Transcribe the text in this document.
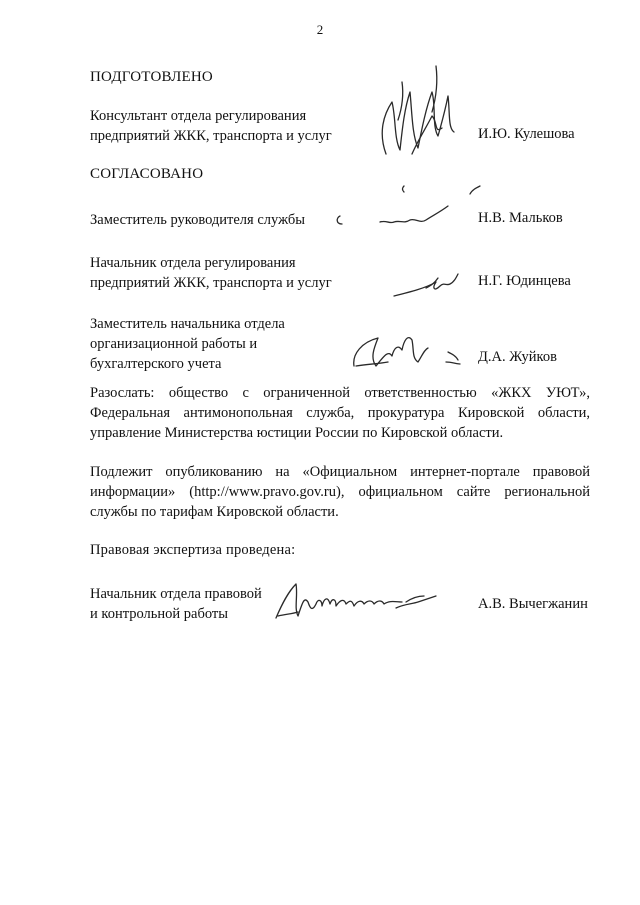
2
ПОДГОТОВЛЕНО
Консультант отдела регулирования
предприятий ЖКК, транспорта и услуг	И.Ю. Кулешова
СОГЛАСОВАНО
Заместитель руководителя службы	Н.В. Мальков
Начальник отдела регулирования
предприятий ЖКК, транспорта и услуг	Н.Г. Юдинцева
Заместитель начальника отдела
организационной работы и
бухгалтерского учета	Д.А. Жуйков
Разослать: общество с ограниченной ответственностью «ЖКХ УЮТ»,
Федеральная антимонопольная служба, прокуратура Кировской области,
управление Министерства юстиции России по Кировской области.
Подлежит опубликованию на «Официальном интернет-портале правовой
информации» (http://www.pravo.gov.ru), официальном сайте региональной
службы по тарифам Кировской области.
Правовая экспертиза проведена:
Начальник отдела правовой
и контрольной работы
А.В. Вычегжанин
